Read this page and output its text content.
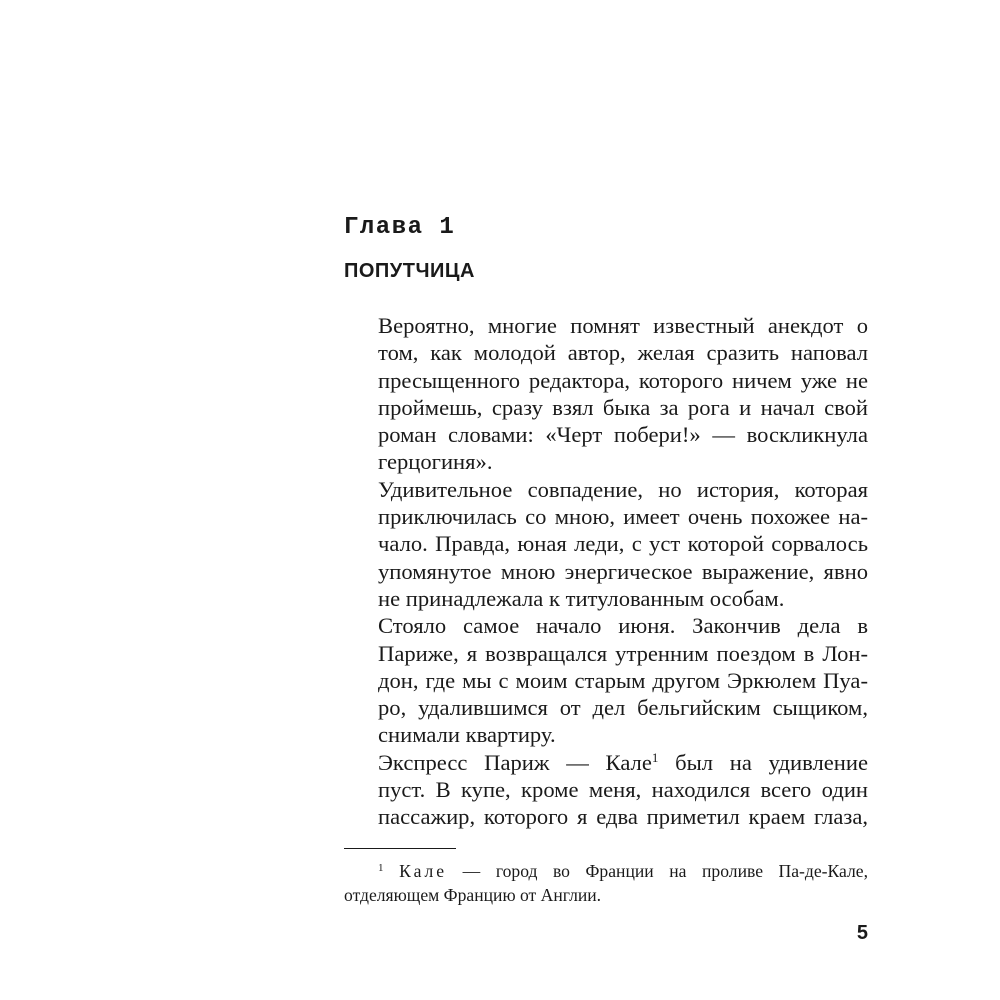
Глава 1
ПОПУТЧИЦА

Вероятно, многие помнят известный анекдот о
том, как молодой автор, желая сразить наповал
пресыщенного редактора, которого ничем уже не
проймешь, сразу взял быка за рога и начал свой
роман словами: «Черт побери!» — воскликнула
герцогиня».

Удивительное совпадение, но история, которая
приключилась со мною, имеет очень похожее на-
чало. Правда, юная леди, с уст которой сорвалось
упомянутое мною энергическое выражение, явно
не принадлежала к титулованным особам.

Стояло самое начало июня. Закончив дела в
Париже, я возвращался утренним поездом в Лон-
дон, где мы с моим старым другом Эркюлем Пуа-
ро, удалившимся от дел бельгийским сыщиком,
снимали квартиру.

Экспресс Париж — Кале$^1$ был на удивление
пуст. В купе, кроме меня, находился всего один
пассажир, которого я едва приметил краем глаза,

$^1$ Кале — город во Франции на проливе Па-де-Кале,
отделяющем Францию от Англии.

5
